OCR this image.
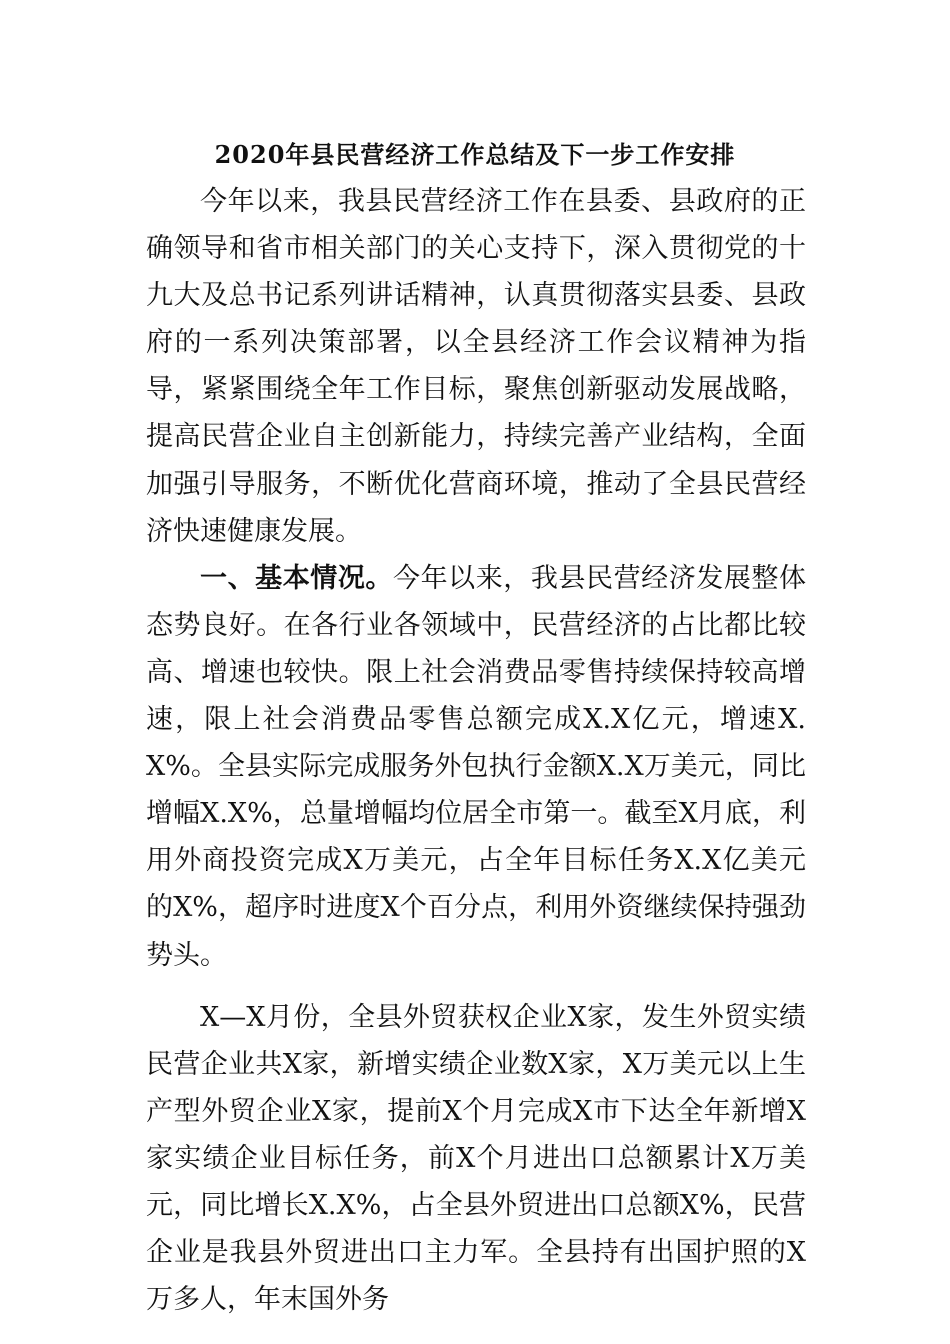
2020年县民营经济工作总结及下一步工作安排

今年以来，我县民营经济工作在县委、县政府的正确领导和省市相关部门的关心支持下，深入贯彻党的十九大及总书记系列讲话精神，认真贯彻落实县委、县政府的一系列决策部署，以全县经济工作会议精神为指导，紧紧围绕全年工作目标，聚焦创新驱动发展战略，提高民营企业自主创新能力，持续完善产业结构，全面加强引导服务，不断优化营商环境，推动了全县民营经济快速健康发展。

一、基本情况。今年以来，我县民营经济发展整体态势良好。在各行业各领域中，民营经济的占比都比较高、增速也较快。限上社会消费品零售持续保持较高增速，限上社会消费品零售总额完成X.X亿元，增速X.X%。全县实际完成服务外包执行金额X.X万美元，同比增幅X.X%，总量增幅均位居全市第一。截至X月底，利用外商投资完成X万美元，占全年目标任务X.X亿美元的X%，超序时进度X个百分点，利用外资继续保持强劲势头。

X—X月份，全县外贸获权企业X家，发生外贸实绩民营企业共X家，新增实绩企业数X家，X万美元以上生产型外贸企业X家，提前X个月完成X市下达全年新增X家实绩企业目标任务，前X个月进出口总额累计X万美元，同比增长X.X%，占全县外贸进出口总额X%，民营企业是我县外贸进出口主力军。全县持有出国护照的X万多人，年末国外务
